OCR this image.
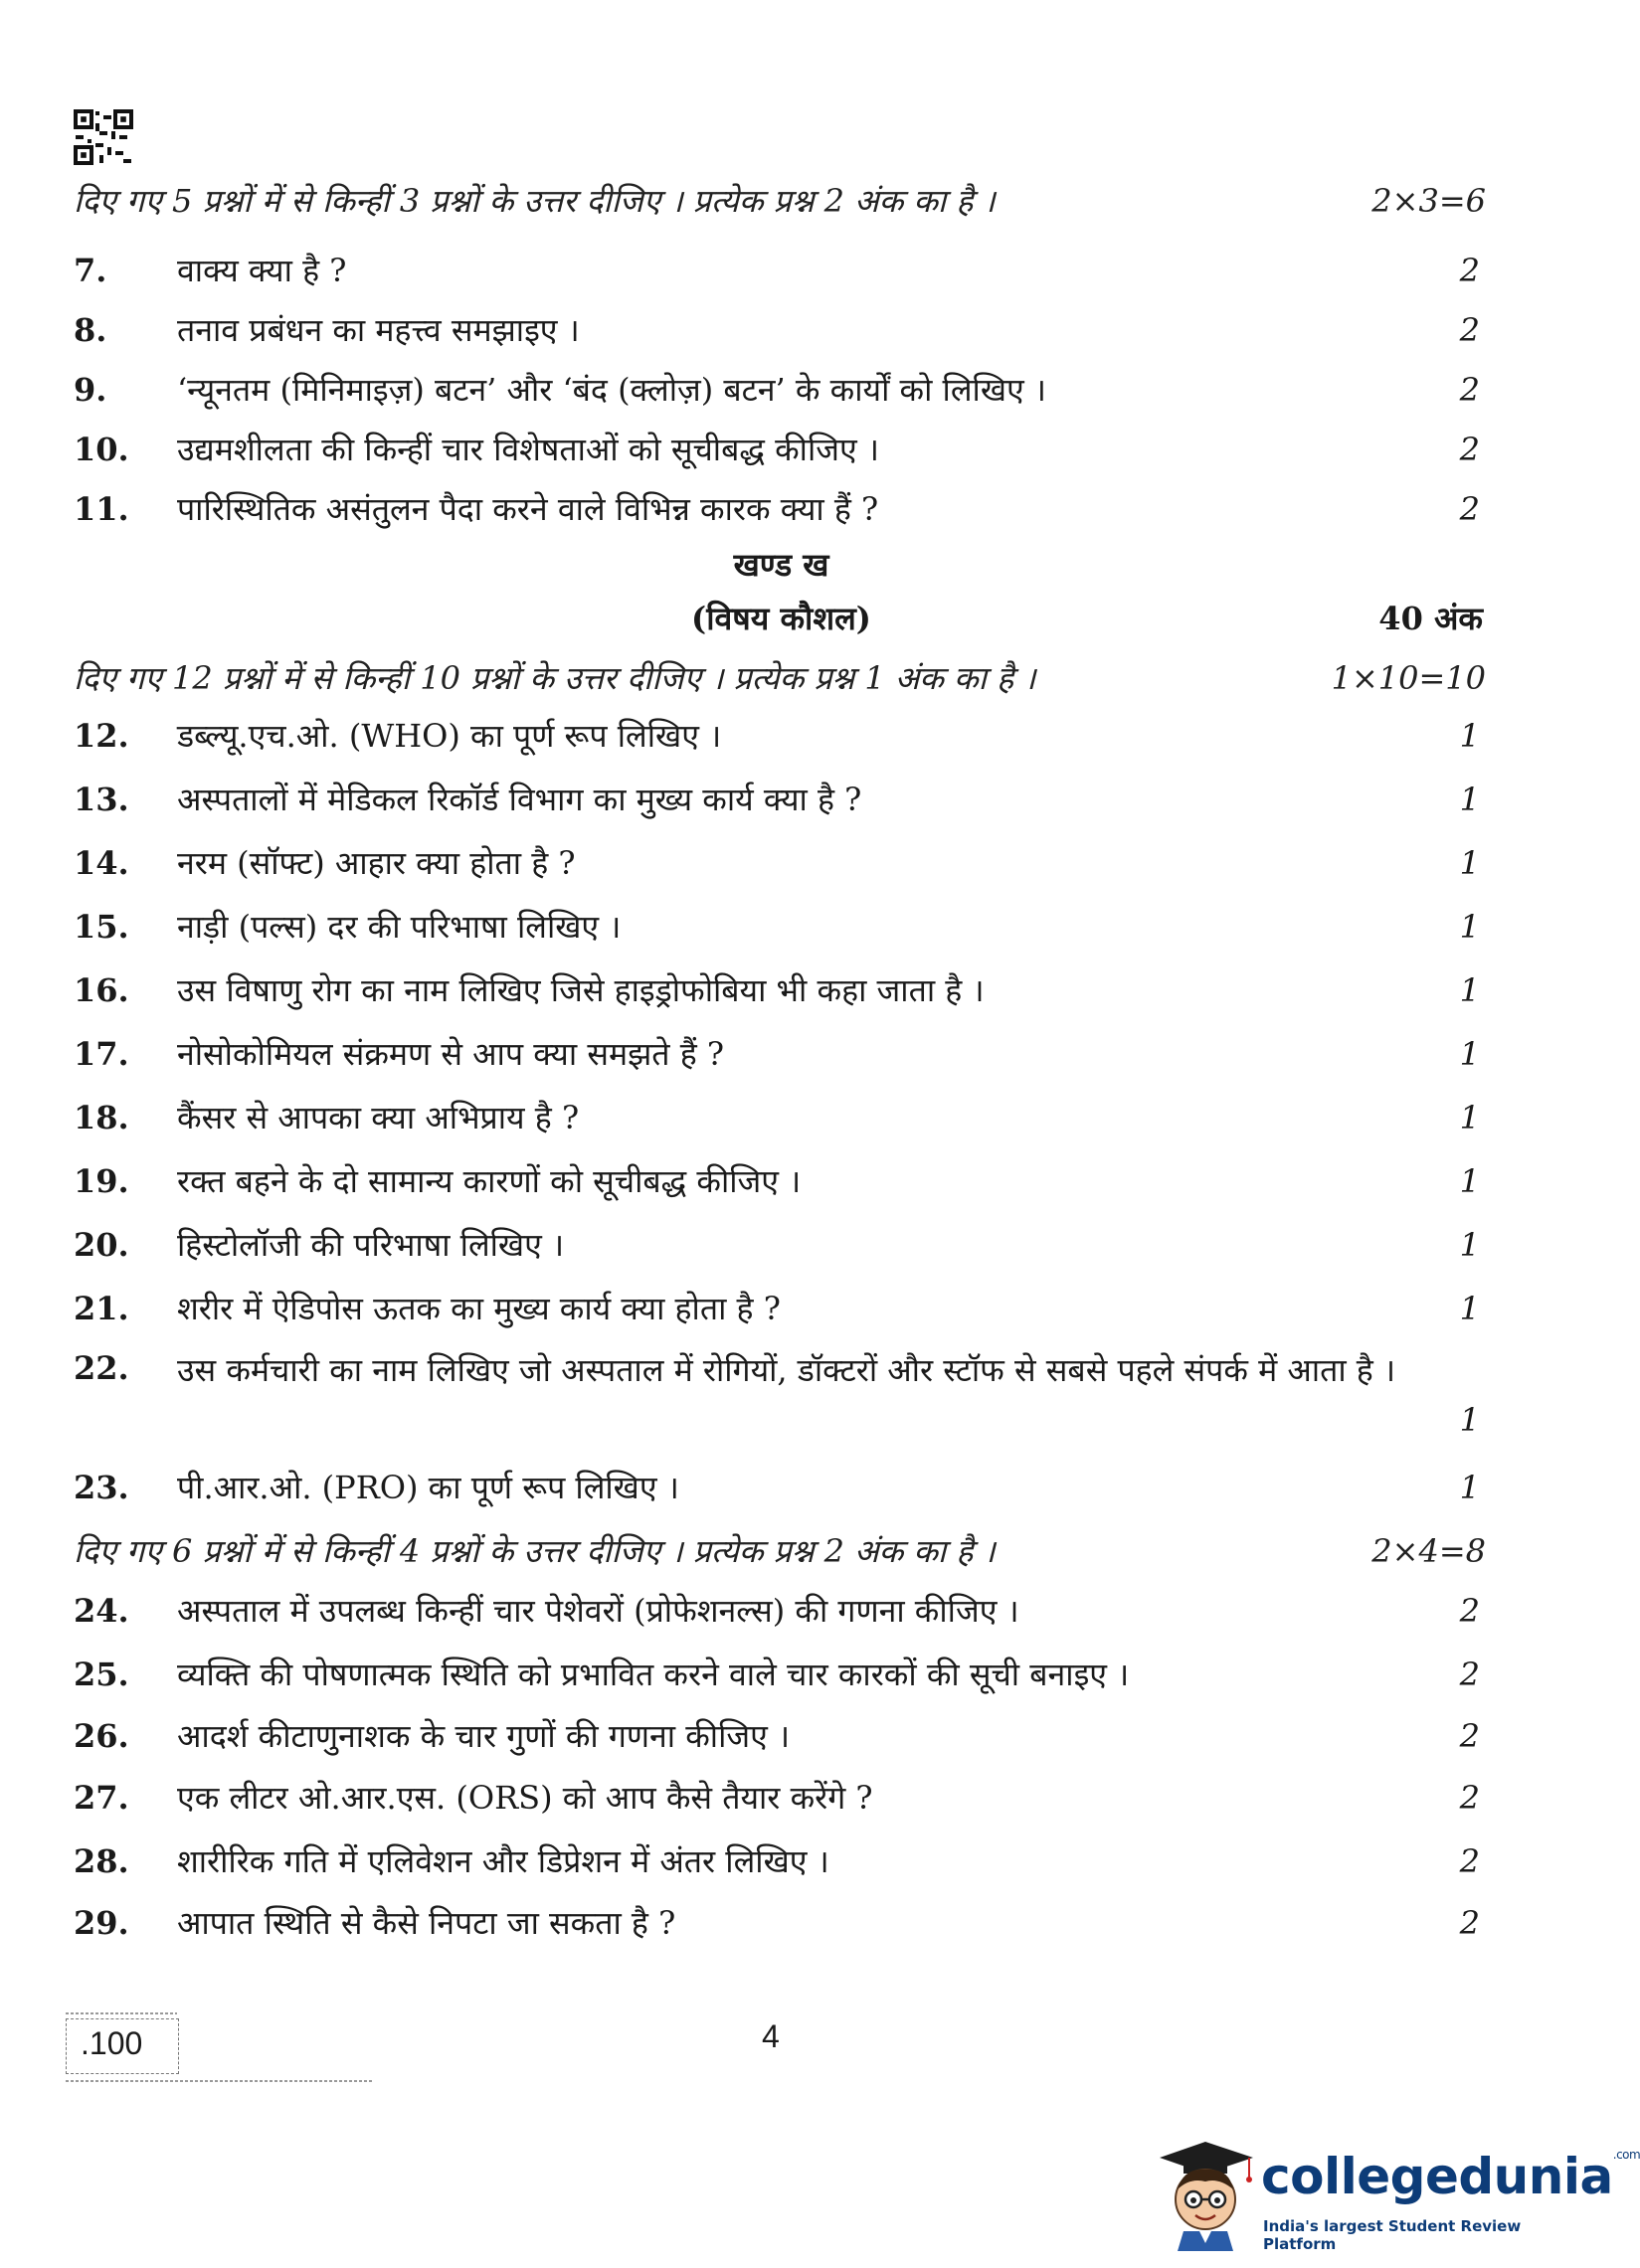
दिए गए 5 प्रश्नों में से किन्हीं 3 प्रश्नों के उत्तर दीजिए । प्रत्येक प्रश्न 2 अंक का है ।	2×3=6
7. वाक्य क्या है ?	2
8. तनाव प्रबंधन का महत्त्व समझाइए ।	2
9. ‘न्यूनतम (मिनिमाइज़) बटन’ और ‘बंद (क्लोज़) बटन’ के कार्यों को लिखिए ।	2
10. उद्यमशीलता की किन्हीं चार विशेषताओं को सूचीबद्ध कीजिए ।	2
11. पारिस्थितिक असंतुलन पैदा करने वाले विभिन्न कारक क्या हैं ?	2
खण्ड ख
(विषय कौशल)	40 अंक
दिए गए 12 प्रश्नों में से किन्हीं 10 प्रश्नों के उत्तर दीजिए । प्रत्येक प्रश्न 1 अंक का है ।	1×10=10
12. डब्ल्यू.एच.ओ. (WHO) का पूर्ण रूप लिखिए ।	1
13. अस्पतालों में मेडिकल रिकॉर्ड विभाग का मुख्य कार्य क्या है ?	1
14. नरम (सॉफ्ट) आहार क्या होता है ?	1
15. नाड़ी (पल्स) दर की परिभाषा लिखिए ।	1
16. उस विषाणु रोग का नाम लिखिए जिसे हाइड्रोफोबिया भी कहा जाता है ।	1
17. नोसोकोमियल संक्रमण से आप क्या समझते हैं ?	1
18. कैंसर से आपका क्या अभिप्राय है ?	1
19. रक्त बहने के दो सामान्य कारणों को सूचीबद्ध कीजिए ।	1
20. हिस्टोलॉजी की परिभाषा लिखिए ।	1
21. शरीर में ऐडिपोस ऊतक का मुख्य कार्य क्या होता है ?	1
22. उस कर्मचारी का नाम लिखिए जो अस्पताल में रोगियों, डॉक्टरों और स्टॉफ से सबसे पहले संपर्क में आता है ।
1
23. पी.आर.ओ. (PRO) का पूर्ण रूप लिखिए ।	1
दिए गए 6 प्रश्नों में से किन्हीं 4 प्रश्नों के उत्तर दीजिए । प्रत्येक प्रश्न 2 अंक का है ।	2×4=8
24. अस्पताल में उपलब्ध किन्हीं चार पेशेवरों (प्रोफेशनल्स) की गणना कीजिए ।	2
25. व्यक्ति की पोषणात्मक स्थिति को प्रभावित करने वाले चार कारकों की सूची बनाइए ।	2
26. आदर्श कीटाणुनाशक के चार गुणों की गणना कीजिए ।	2
27. एक लीटर ओ.आर.एस. (ORS) को आप कैसे तैयार करेंगे ?	2
28. शारीरिक गति में एलिवेशन और डिप्रेशन में अंतर लिखिए ।	2
29. आपात स्थिति से कैसे निपटा जा सकता है ?	2
.100	4
collegedunia$^{.com}$
India's largest Student Review Platform
